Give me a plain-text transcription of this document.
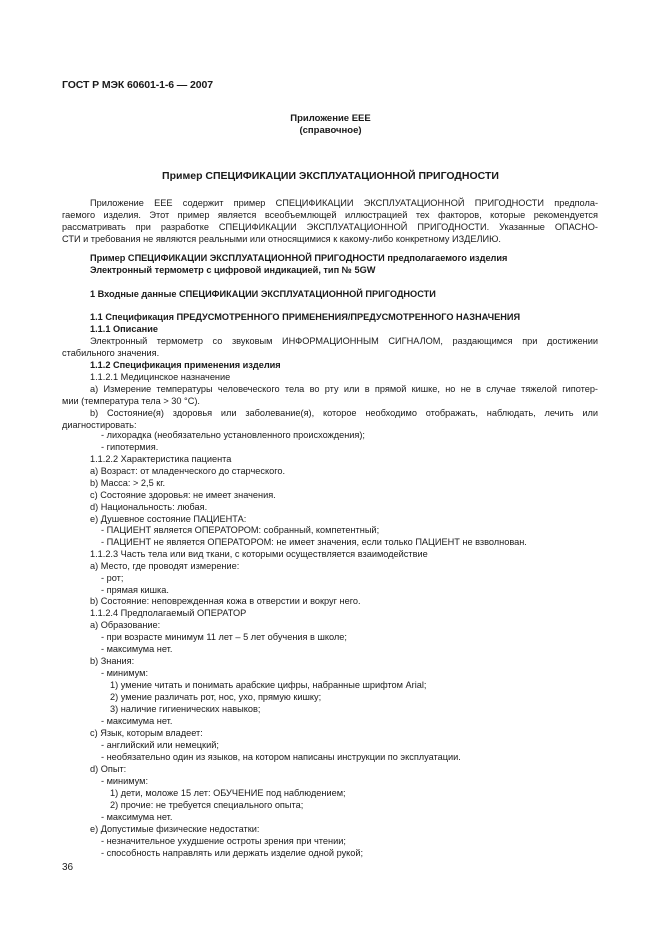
ГОСТ Р МЭК 60601-1-6 — 2007
Приложение ЕЕЕ
(справочное)
Пример СПЕЦИФИКАЦИИ ЭКСПЛУАТАЦИОННОЙ ПРИГОДНОСТИ
Приложение ЕЕЕ содержит пример СПЕЦИФИКАЦИИ ЭКСПЛУАТАЦИОННОЙ ПРИГОДНОСТИ предпола-
гаемого изделия. Этот пример является всеобъемлющей иллюстрацией тех факторов, которые рекомендуется
рассматривать при разработке СПЕЦИФИКАЦИИ ЭКСПЛУАТАЦИОННОЙ ПРИГОДНОСТИ. Указанные ОПАСНО-
СТИ и требования не являются реальными или относящимися к какому-либо конкретному ИЗДЕЛИЮ.
Пример СПЕЦИФИКАЦИИ ЭКСПЛУАТАЦИОННОЙ ПРИГОДНОСТИ предполагаемого изделия
Электронный термометр с цифровой индикацией, тип № 5GW
1 Входные данные СПЕЦИФИКАЦИИ ЭКСПЛУАТАЦИОННОЙ ПРИГОДНОСТИ
1.1 Спецификация ПРЕДУСМОТРЕННОГО ПРИМЕНЕНИЯ/ПРЕДУСМОТРЕННОГО НАЗНАЧЕНИЯ
1.1.1 Описание
Электронный термометр со звуковым ИНФОРМАЦИОННЫМ СИГНАЛОМ, раздающимся при достижении
стабильного значения.
1.1.2 Спецификация применения изделия
1.1.2.1 Медицинское назначение
a) Измерение температуры человеческого тела во рту или в прямой кишке, но не в случае тяжелой гипотер-
мии (температура тела > 30 °С).
b) Состояние(я) здоровья или заболевание(я), которое необходимо отображать, наблюдать, лечить или
диагностировать:
- лихорадка (необязательно установленного происхождения);
- гипотермия.
1.1.2.2 Характеристика пациента
a) Возраст: от младенческого до старческого.
b) Масса: > 2,5 кг.
c) Состояние здоровья: не имеет значения.
d) Национальность: любая.
e) Душевное состояние ПАЦИЕНТА:
- ПАЦИЕНТ является ОПЕРАТОРОМ: собранный, компетентный;
- ПАЦИЕНТ не является ОПЕРАТОРОМ: не имеет значения, если только ПАЦИЕНТ не взволнован.
1.1.2.3 Часть тела или вид ткани, с которыми осуществляется взаимодействие
a) Место, где проводят измерение:
- рот;
- прямая кишка.
b) Состояние: неповрежденная кожа в отверстии и вокруг него.
1.1.2.4 Предполагаемый ОПЕРАТОР
a) Образование:
- при возрасте минимум 11 лет – 5 лет обучения в школе;
- максимума нет.
b) Знания:
- минимум:
1) умение читать и понимать арабские цифры, набранные шрифтом Arial;
2) умение различать рот, нос, ухо, прямую кишку;
3) наличие гигиенических навыков;
- максимума нет.
c) Язык, которым владеет:
- английский или немецкий;
- необязательно один из языков, на котором написаны инструкции по эксплуатации.
d) Опыт:
- минимум:
1) дети, моложе 15 лет: ОБУЧЕНИЕ под наблюдением;
2) прочие: не требуется специального опыта;
- максимума нет.
e) Допустимые физические недостатки:
- незначительное ухудшение остроты зрения при чтении;
- способность направлять или держать изделие одной рукой;
36
